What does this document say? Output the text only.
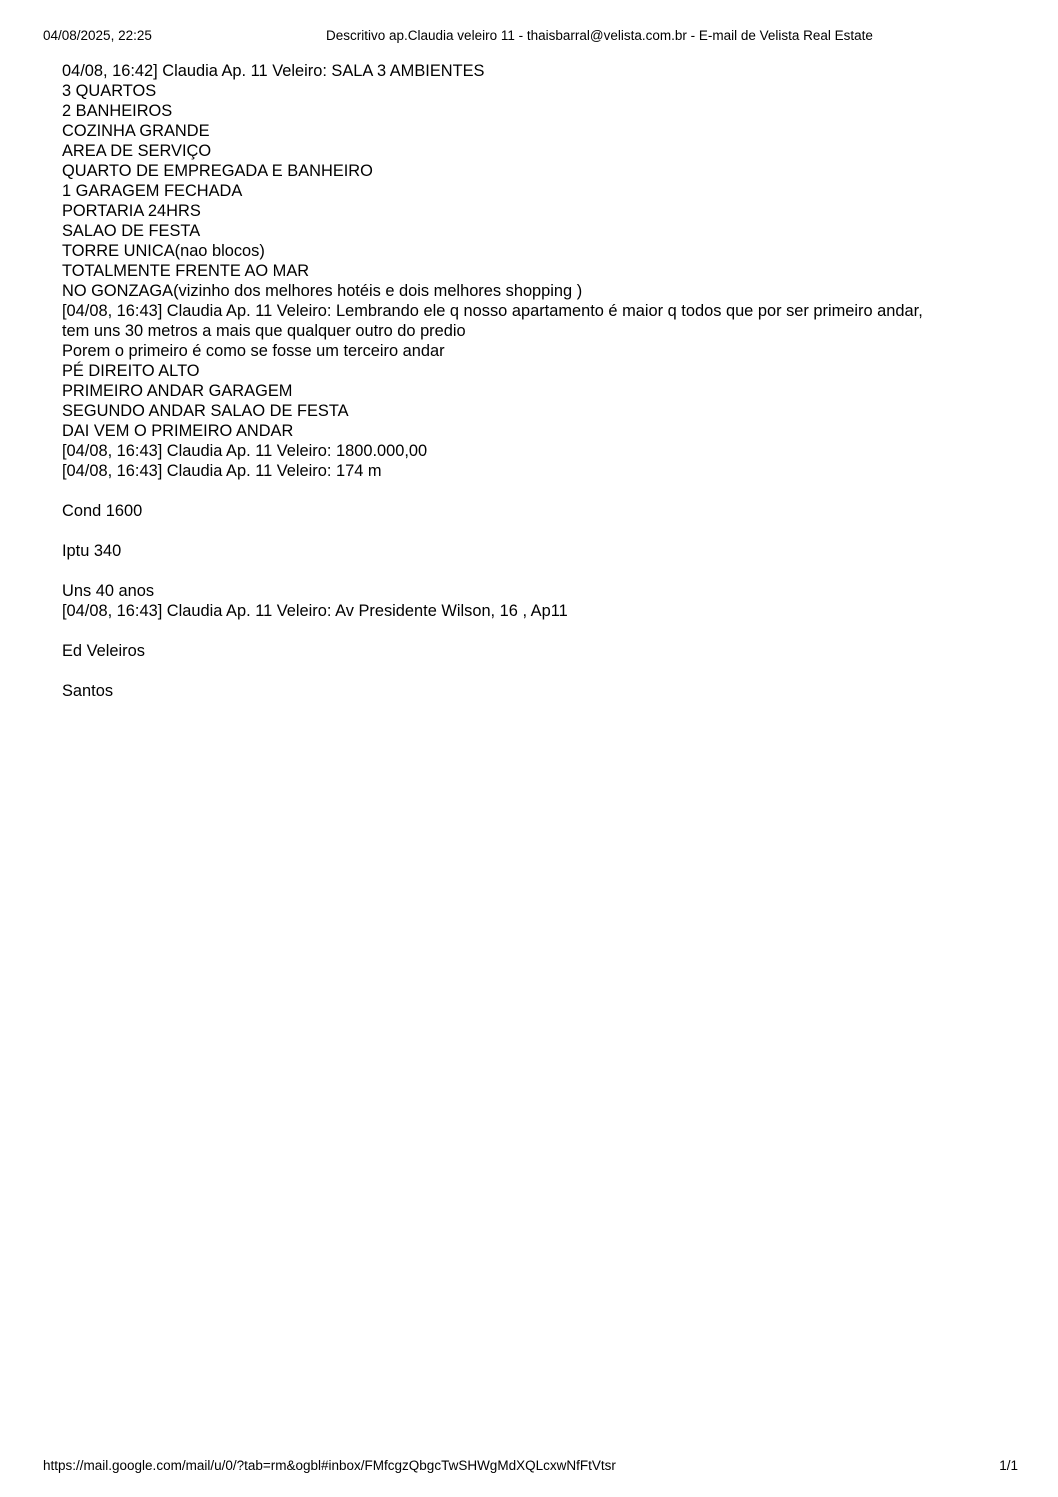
04/08/2025, 22:25	Descritivo ap.Claudia veleiro 11 - thaisbarral@velista.com.br - E-mail de Velista Real Estate
04/08, 16:42] Claudia Ap. 11 Veleiro: SALA 3 AMBIENTES
3 QUARTOS
2 BANHEIROS
COZINHA GRANDE
AREA DE SERVIÇO
QUARTO DE EMPREGADA E BANHEIRO
1 GARAGEM FECHADA
PORTARIA 24HRS
SALAO DE FESTA
TORRE UNICA(nao blocos)
TOTALMENTE FRENTE AO MAR
NO GONZAGA(vizinho dos melhores hotéis e dois melhores shopping )
[04/08, 16:43] Claudia Ap. 11 Veleiro: Lembrando ele q nosso apartamento é maior q todos que por ser primeiro andar,
tem uns 30 metros a mais que qualquer outro do predio
Porem o primeiro é como se fosse um terceiro andar
PÉ DIREITO ALTO
PRIMEIRO ANDAR GARAGEM
SEGUNDO ANDAR SALAO DE FESTA
DAI VEM O PRIMEIRO ANDAR
[04/08, 16:43] Claudia Ap. 11 Veleiro: 1800.000,00
[04/08, 16:43] Claudia Ap. 11 Veleiro: 174 m
Cond 1600
Iptu 340
Uns 40 anos
[04/08, 16:43] Claudia Ap. 11 Veleiro: Av Presidente Wilson, 16 , Ap11
Ed Veleiros
Santos
https://mail.google.com/mail/u/0/?tab=rm&ogbl#inbox/FMfcgzQbgcTwSHWgMdXQLcxwNfFtVtsr	1/1
